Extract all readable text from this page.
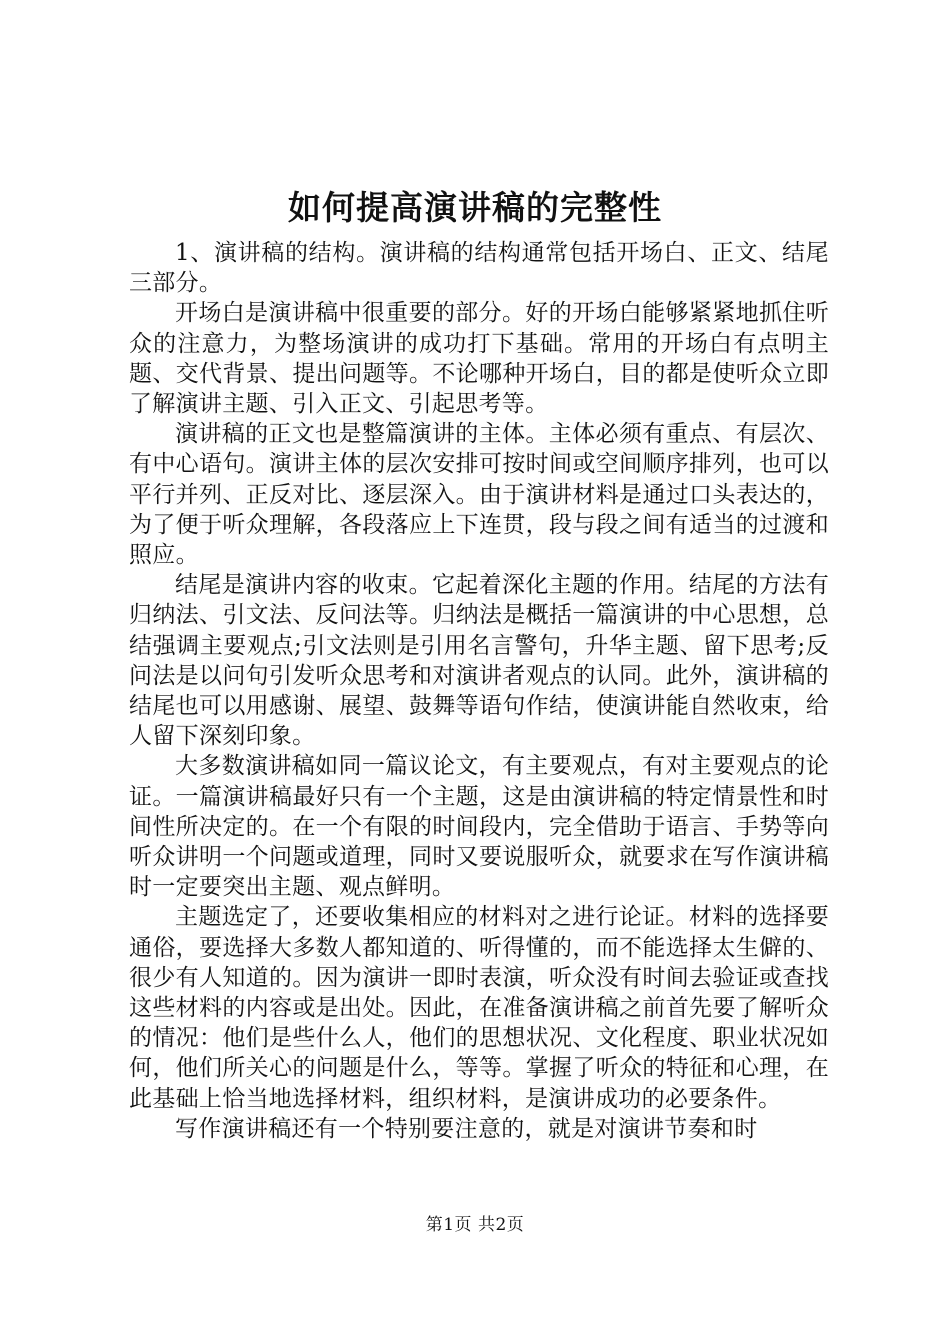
如何提高演讲稿的完整性

1、演讲稿的结构。演讲稿的结构通常包括开场白、正文、结尾三部分。

开场白是演讲稿中很重要的部分。好的开场白能够紧紧地抓住听众的注意力，为整场演讲的成功打下基础。常用的开场白有点明主题、交代背景、提出问题等。不论哪种开场白，目的都是使听众立即了解演讲主题、引入正文、引起思考等。

演讲稿的正文也是整篇演讲的主体。主体必须有重点、有层次、有中心语句。演讲主体的层次安排可按时间或空间顺序排列，也可以平行并列、正反对比、逐层深入。由于演讲材料是通过口头表达的，为了便于听众理解，各段落应上下连贯，段与段之间有适当的过渡和照应。

结尾是演讲内容的收束。它起着深化主题的作用。结尾的方法有归纳法、引文法、反问法等。归纳法是概括一篇演讲的中心思想，总结强调主要观点;引文法则是引用名言警句，升华主题、留下思考;反问法是以问句引发听众思考和对演讲者观点的认同。此外，演讲稿的结尾也可以用感谢、展望、鼓舞等语句作结，使演讲能自然收束，给人留下深刻印象。

大多数演讲稿如同一篇议论文，有主要观点，有对主要观点的论证。一篇演讲稿最好只有一个主题，这是由演讲稿的特定情景性和时间性所决定的。在一个有限的时间段内，完全借助于语言、手势等向听众讲明一个问题或道理，同时又要说服听众，就要求在写作演讲稿时一定要突出主题、观点鲜明。

主题选定了，还要收集相应的材料对之进行论证。材料的选择要通俗，要选择大多数人都知道的、听得懂的，而不能选择太生僻的、很少有人知道的。因为演讲一即时表演，听众没有时间去验证或查找这些材料的内容或是出处。因此，在准备演讲稿之前首先要了解听众的情况：他们是些什么人，他们的思想状况、文化程度、职业状况如何，他们所关心的问题是什么，等等。掌握了听众的特征和心理，在此基础上恰当地选择材料，组织材料，是演讲成功的必要条件。

写作演讲稿还有一个特别要注意的，就是对演讲节奏和时

第1页 共2页
